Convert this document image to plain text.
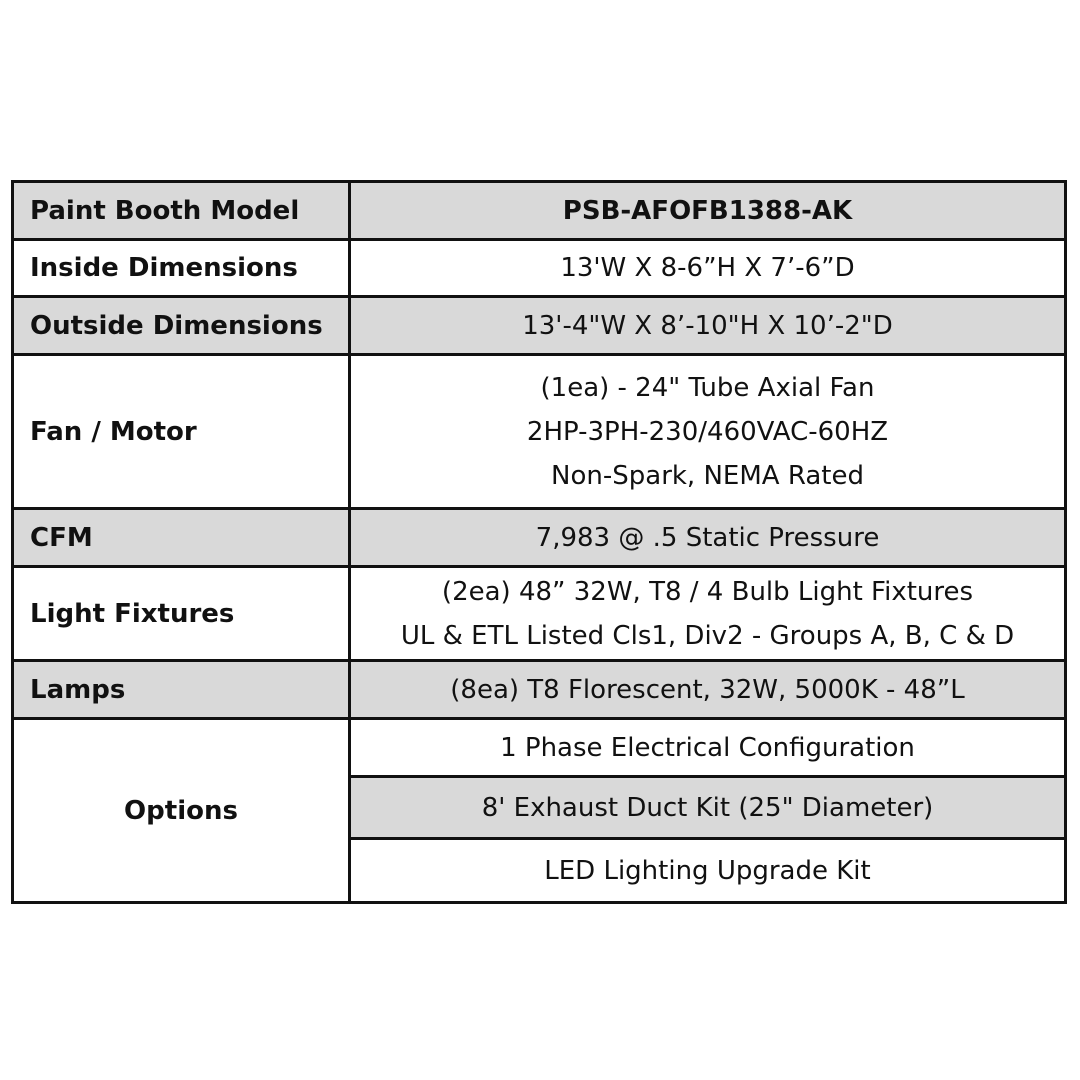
Paint Booth Model	PSB-AFOFB1388-AK
Inside Dimensions	13'W X 8-6”H X 7’-6”D
Outside Dimensions	13'-4"W X 8’-10"H X 10’-2"D
Fan / Motor	(1ea) - 24" Tube Axial Fan
2HP-3PH-230/460VAC-60HZ
Non-Spark, NEMA Rated

CFM	7,983 @ .5 Static Pressure
Light Fixtures	(2ea) 48” 32W, T8 / 4 Bulb Light Fixtures
UL & ETL Listed Cls1, Div2 - Groups A, B, C & D

Lamps	(8ea) T8 Florescent, 32W, 5000K - 48”L
Options	1 Phase Electrical Configuration
	8' Exhaust Duct Kit (25" Diameter)
	LED Lighting Upgrade Kit
